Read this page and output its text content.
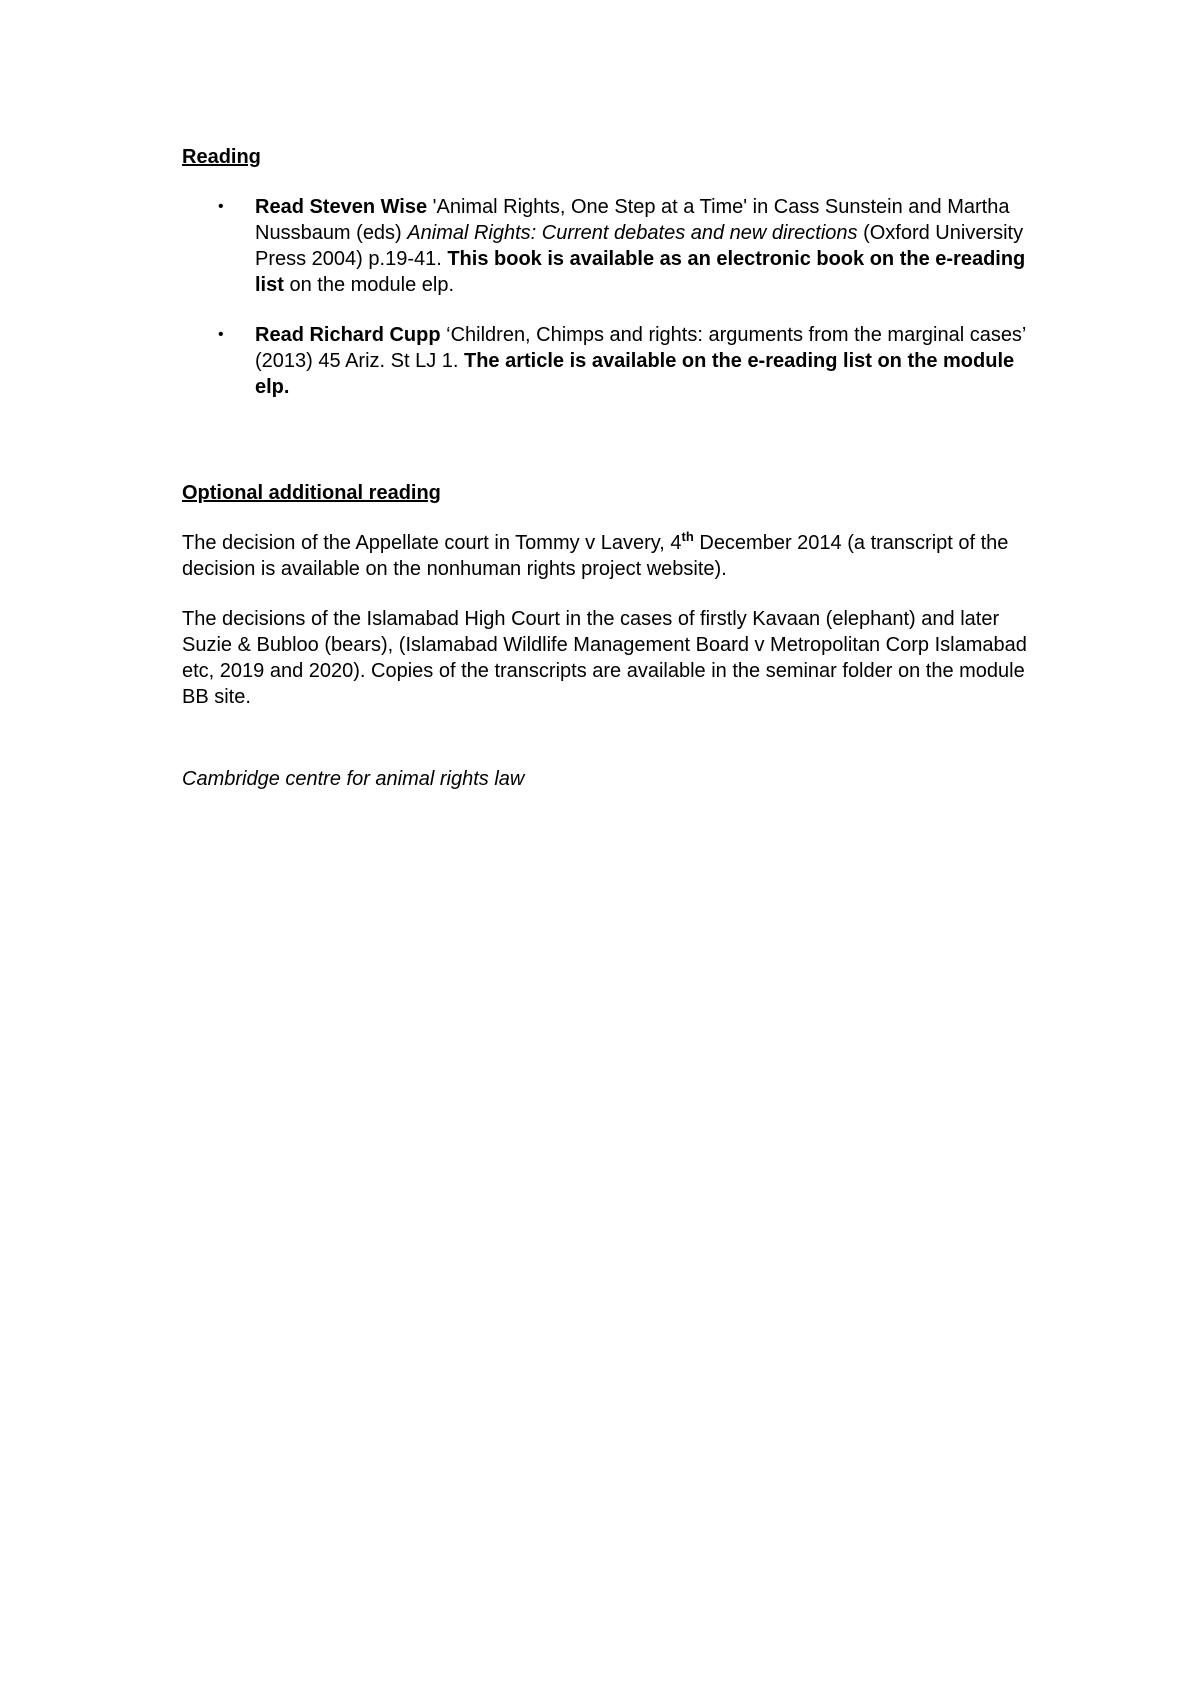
Reading
• Read Steven Wise 'Animal Rights, One Step at a Time' in Cass Sunstein and Martha Nussbaum (eds) Animal Rights: Current debates and new directions (Oxford University Press 2004) p.19-41. This book is available as an electronic book on the e-reading list on the module elp.
• Read Richard Cupp ‘Children, Chimps and rights: arguments from the marginal cases’ (2013) 45 Ariz. St LJ 1. The article is available on the e-reading list on the module elp.
Optional additional reading

The decision of the Appellate court in Tommy v Lavery, 4th December 2014 (a transcript of the decision is available on the nonhuman rights project website).

The decisions of the Islamabad High Court in the cases of firstly Kavaan (elephant) and later Suzie & Bubloo (bears), (Islamabad Wildlife Management Board v Metropolitan Corp Islamabad etc, 2019 and 2020). Copies of the transcripts are available in the seminar folder on the module BB site.

Cambridge centre for animal rights law
